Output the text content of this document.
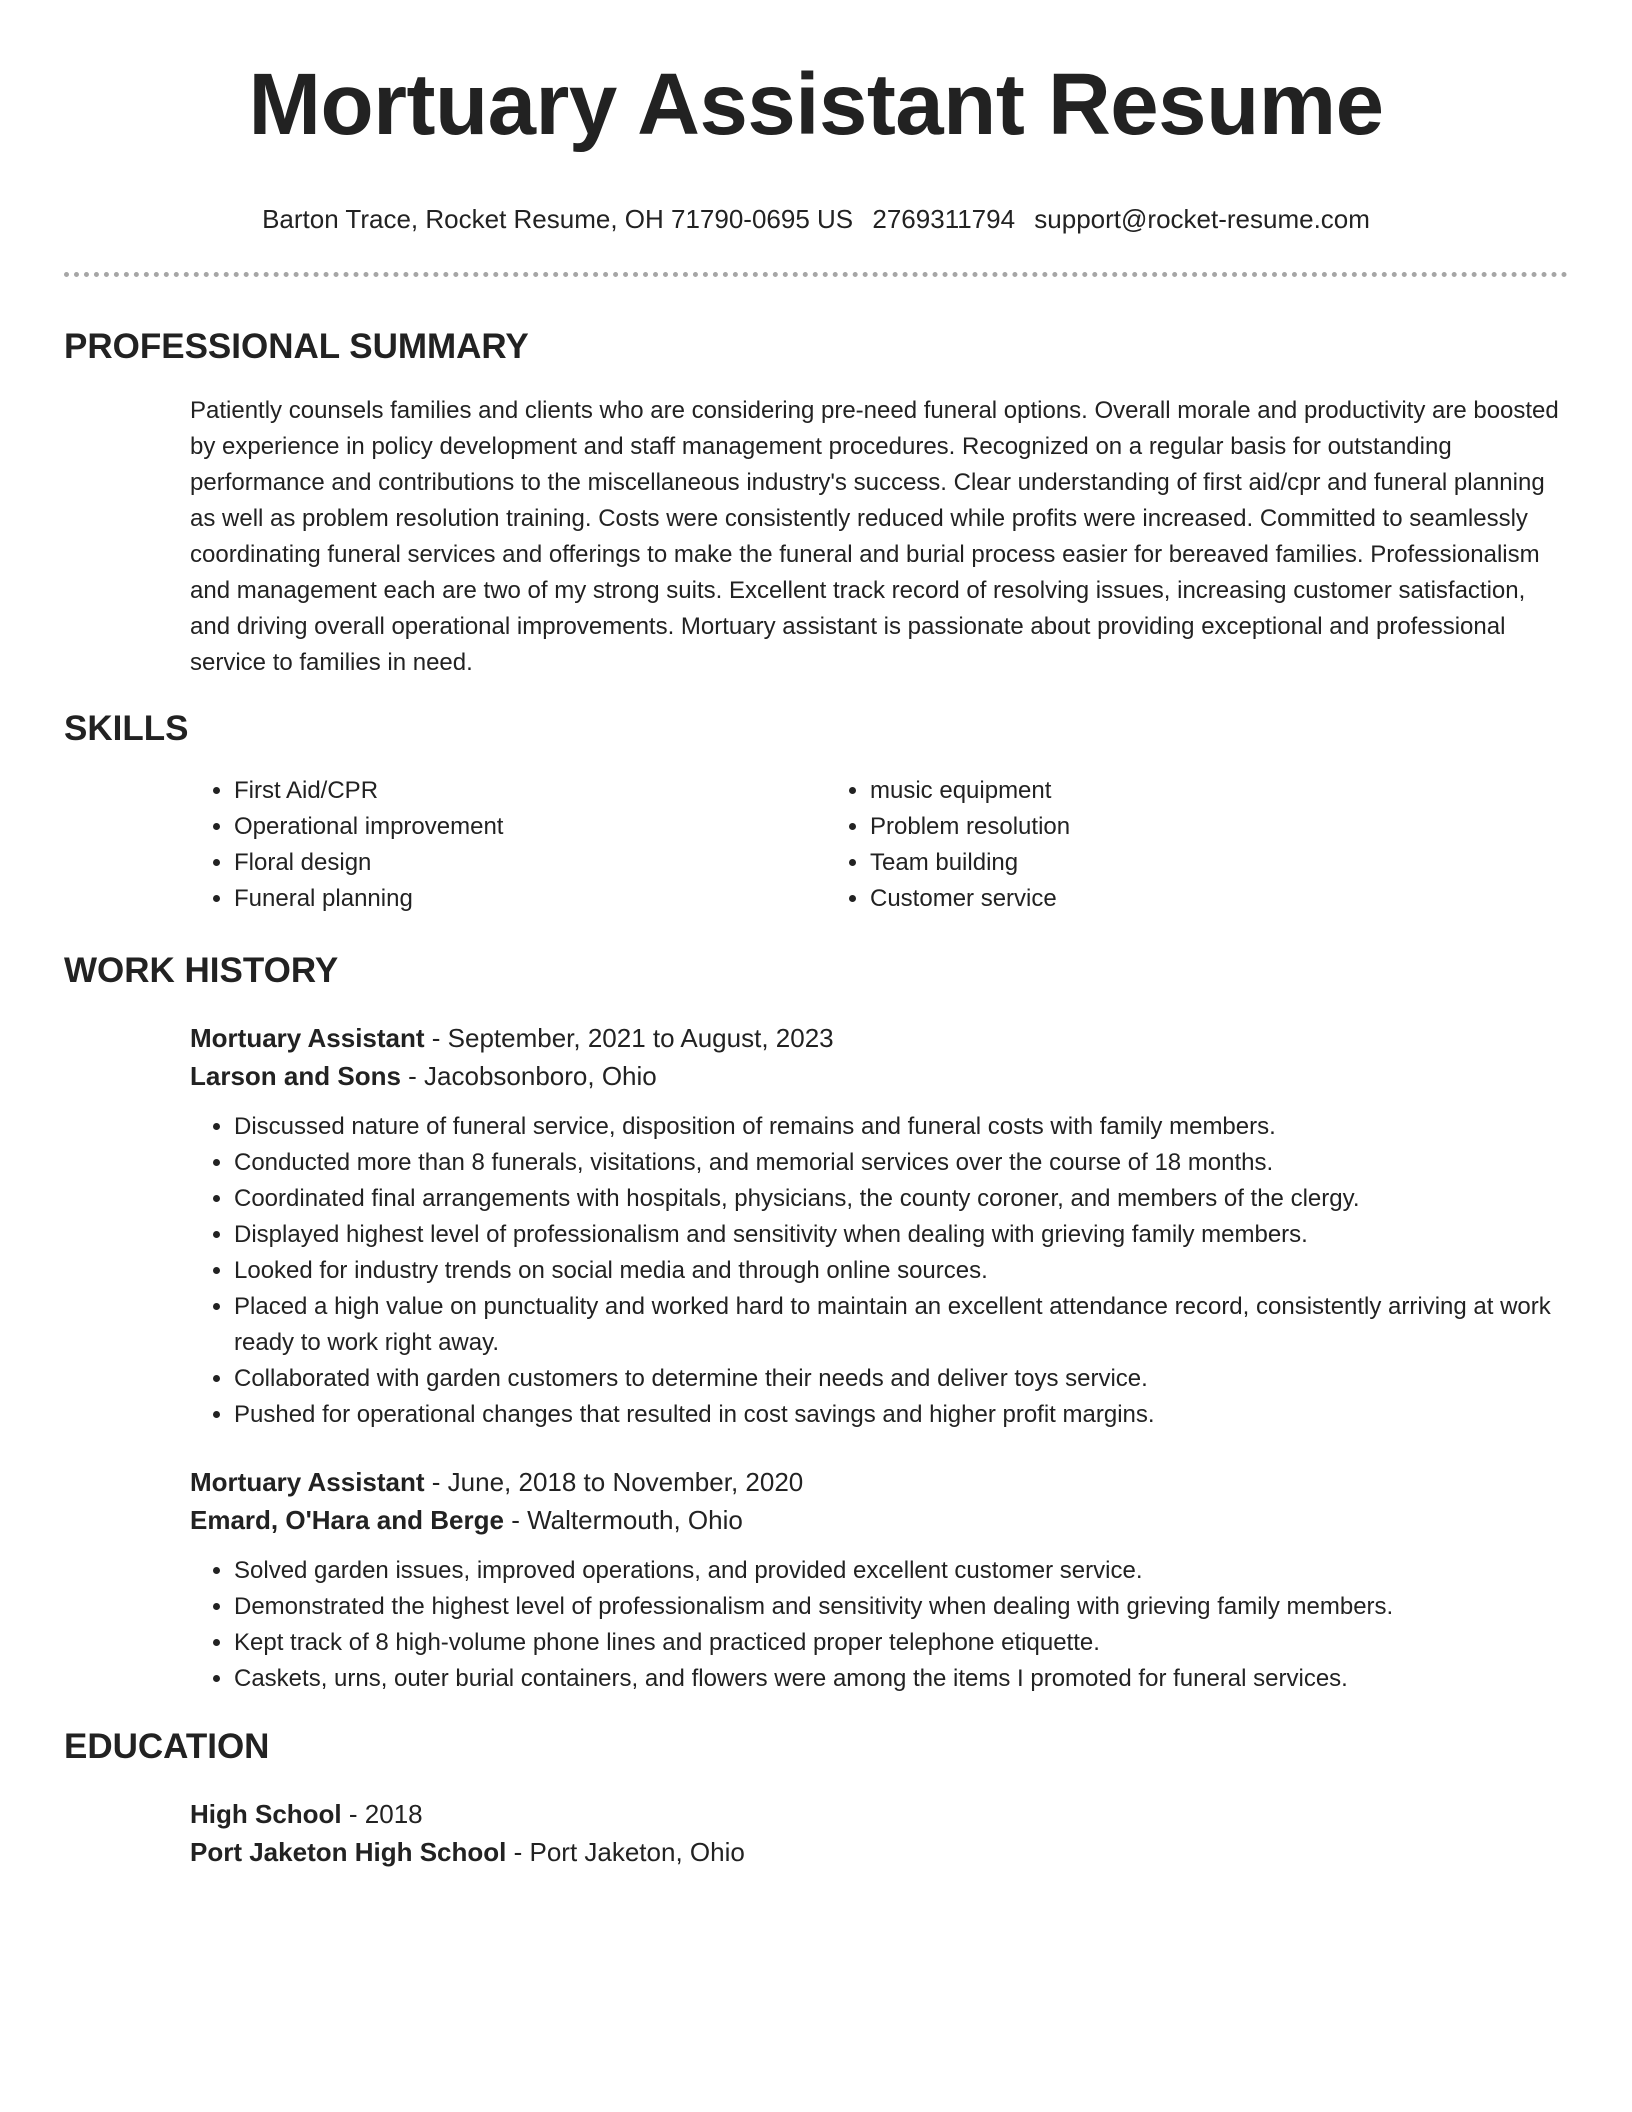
Mortuary Assistant Resume
Barton Trace, Rocket Resume, OH 71790-0695 US 2769311794 support@rocket-resume.com
PROFESSIONAL SUMMARY
Patiently counsels families and clients who are considering pre-need funeral options. Overall morale and productivity are boosted by experience in policy development and staff management procedures. Recognized on a regular basis for outstanding performance and contributions to the miscellaneous industry's success. Clear understanding of first aid/cpr and funeral planning as well as problem resolution training. Costs were consistently reduced while profits were increased. Committed to seamlessly coordinating funeral services and offerings to make the funeral and burial process easier for bereaved families. Professionalism and management each are two of my strong suits. Excellent track record of resolving issues, increasing customer satisfaction, and driving overall operational improvements. Mortuary assistant is passionate about providing exceptional and professional service to families in need.
SKILLS
• First Aid/CPR
• Operational improvement
• Floral design
• Funeral planning
• music equipment
• Problem resolution
• Team building
• Customer service
WORK HISTORY
Mortuary Assistant - September, 2021 to August, 2023
Larson and Sons - Jacobsonboro, Ohio
• Discussed nature of funeral service, disposition of remains and funeral costs with family members.
• Conducted more than 8 funerals, visitations, and memorial services over the course of 18 months.
• Coordinated final arrangements with hospitals, physicians, the county coroner, and members of the clergy.
• Displayed highest level of professionalism and sensitivity when dealing with grieving family members.
• Looked for industry trends on social media and through online sources.
• Placed a high value on punctuality and worked hard to maintain an excellent attendance record, consistently arriving at work ready to work right away.
• Collaborated with garden customers to determine their needs and deliver toys service.
• Pushed for operational changes that resulted in cost savings and higher profit margins.
Mortuary Assistant - June, 2018 to November, 2020
Emard, O'Hara and Berge - Waltermouth, Ohio
• Solved garden issues, improved operations, and provided excellent customer service.
• Demonstrated the highest level of professionalism and sensitivity when dealing with grieving family members.
• Kept track of 8 high-volume phone lines and practiced proper telephone etiquette.
• Caskets, urns, outer burial containers, and flowers were among the items I promoted for funeral services.
EDUCATION
High School - 2018
Port Jaketon High School - Port Jaketon, Ohio
